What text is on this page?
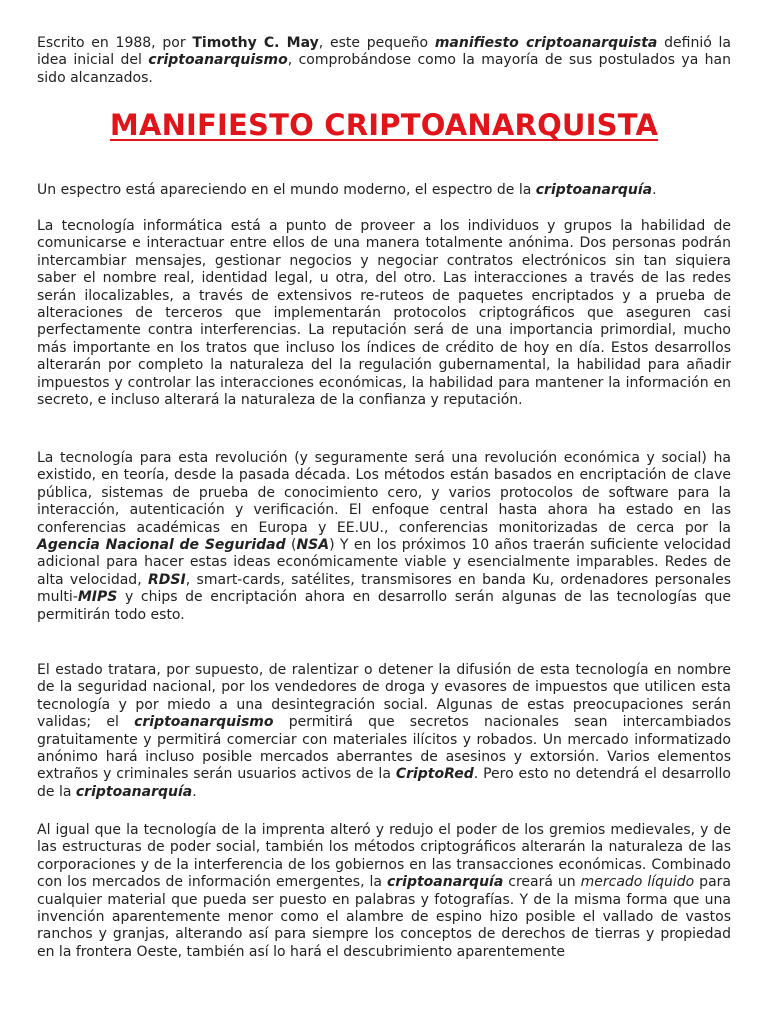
Escrito en 1988, por Timothy C. May, este pequeño manifiesto criptoanarquista definió la idea inicial del criptoanarquismo, comprobándose como la mayoría de sus postulados ya han sido alcanzados.

MANIFIESTO CRIPTOANARQUISTA

Un espectro está apareciendo en el mundo moderno, el espectro de la criptoanarquía.

La tecnología informática está a punto de proveer a los individuos y grupos la habilidad de comunicarse e interactuar entre ellos de una manera totalmente anónima. Dos personas podrán intercambiar mensajes, gestionar negocios y negociar contratos electrónicos sin tan siquiera saber el nombre real, identidad legal, u otra, del otro. Las interacciones a través de las redes serán ilocalizables, a través de extensivos re-ruteos de paquetes encriptados y a prueba de alteraciones de terceros que implementarán protocolos criptográficos que aseguren casi perfectamente contra interferencias. La reputación será de una importancia primordial, mucho más importante en los tratos que incluso los índices de crédito de hoy en día. Estos desarrollos alterarán por completo la naturaleza del la regulación gubernamental, la habilidad para añadir impuestos y controlar las interacciones económicas, la habilidad para mantener la información en secreto, e incluso alterará la naturaleza de la confianza y reputación.

La tecnología para esta revolución (y seguramente será una revolución económica y social) ha existido, en teoría, desde la pasada década. Los métodos están basados en encriptación de clave pública, sistemas de prueba de conocimiento cero, y varios protocolos de software para la interacción, autenticación y verificación. El enfoque central hasta ahora ha estado en las conferencias académicas en Europa y EE.UU., conferencias monitorizadas de cerca por la Agencia Nacional de Seguridad (NSA) Y en los próximos 10 años traerán suficiente velocidad adicional para hacer estas ideas económicamente viable y esencialmente imparables. Redes de alta velocidad, RDSI, smart-cards, satélites, transmisores en banda Ku, ordenadores personales multi-MIPS y chips de encriptación ahora en desarrollo serán algunas de las tecnologías que permitirán todo esto.

El estado tratara, por supuesto, de ralentizar o detener la difusión de esta tecnología en nombre de la seguridad nacional, por los vendedores de droga y evasores de impuestos que utilicen esta tecnología y por miedo a una desintegración social. Algunas de estas preocupaciones serán validas; el criptoanarquismo permitirá que secretos nacionales sean intercambiados gratuitamente y permitirá comerciar con materiales ilícitos y robados. Un mercado informatizado anónimo hará incluso posible mercados aberrantes de asesinos y extorsión. Varios elementos extraños y criminales serán usuarios activos de la CriptoRed. Pero esto no detendrá el desarrollo de la criptoanarquía.

Al igual que la tecnología de la imprenta alteró y redujo el poder de los gremios medievales, y de las estructuras de poder social, también los métodos criptográficos alterarán la naturaleza de las corporaciones y de la interferencia de los gobiernos en las transacciones económicas. Combinado con los mercados de información emergentes, la criptoanarquía creará un mercado líquido para cualquier material que pueda ser puesto en palabras y fotografías. Y de la misma forma que una invención aparentemente menor como el alambre de espino hizo posible el vallado de vastos ranchos y granjas, alterando así para siempre los conceptos de derechos de tierras y propiedad en la frontera Oeste, también así lo hará el descubrimiento aparentemente
